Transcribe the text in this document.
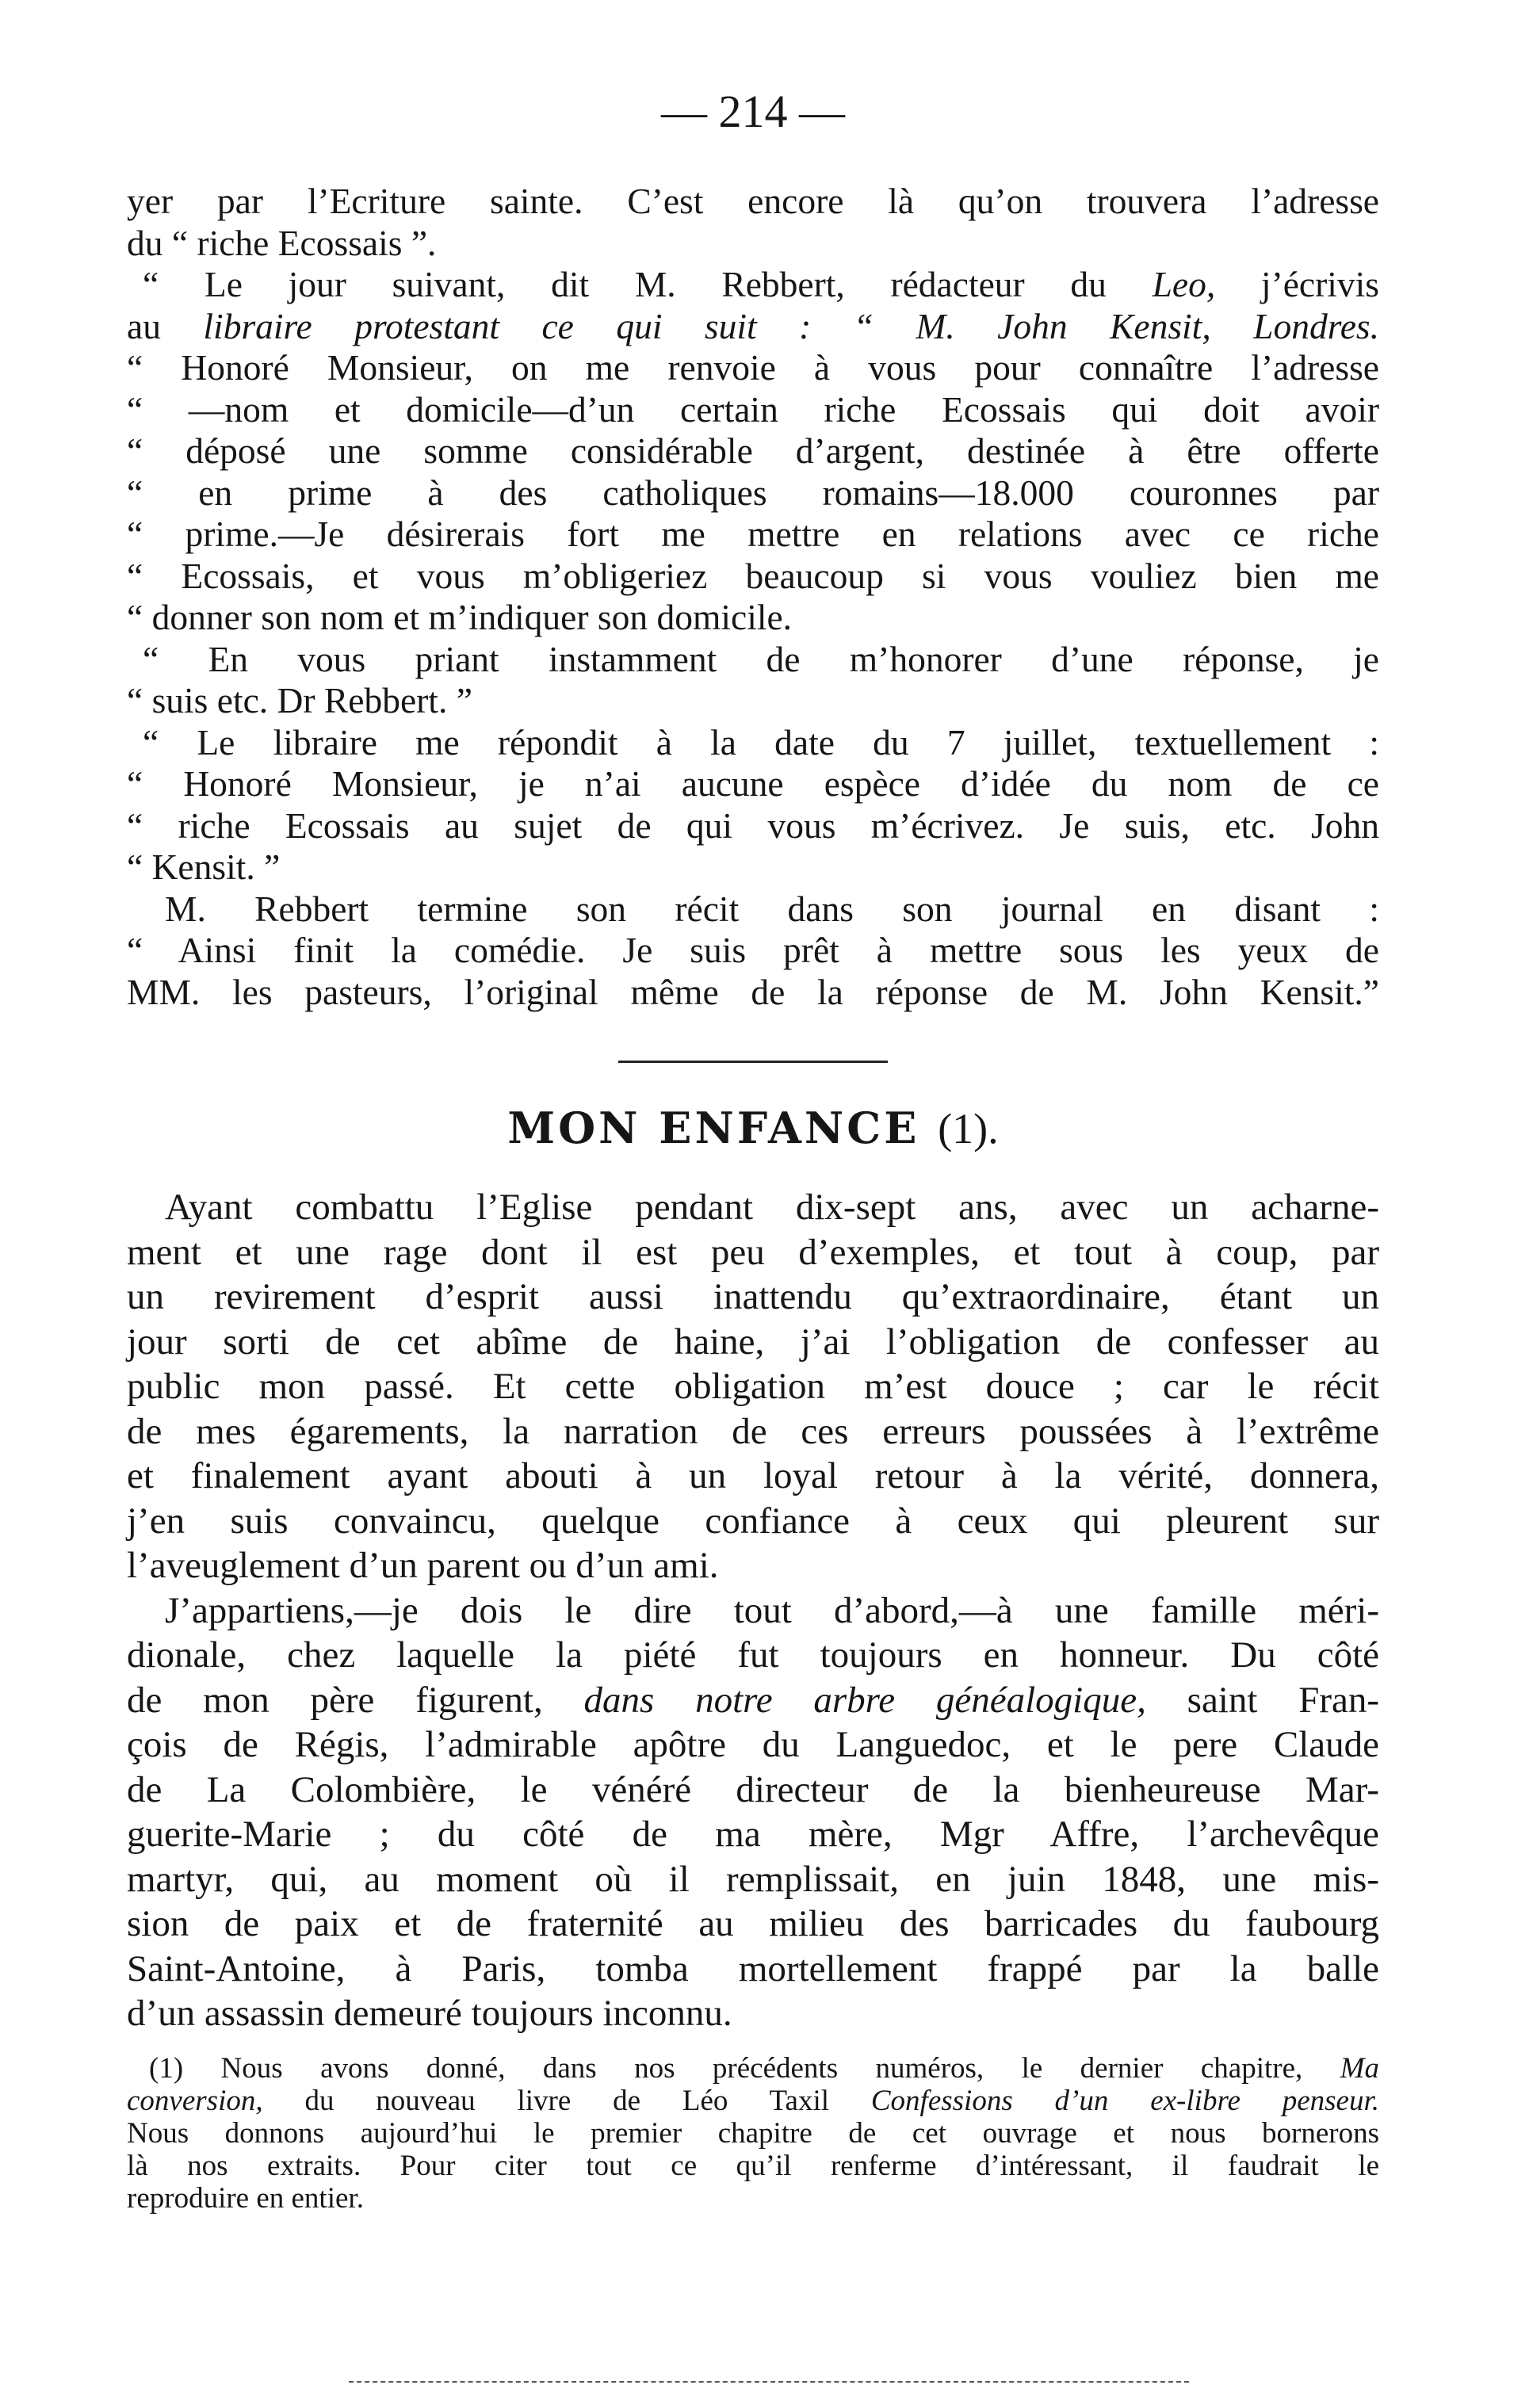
— 214 —
yer par l’Ecriture sainte. C’est encore là qu’on trouvera l’adresse
du “ riche Ecossais ”.
“ Le jour suivant, dit M. Rebbert, rédacteur du Leo, j’écrivis
au libraire protestant ce qui suit : “ M. John Kensit, Londres.
“ Honoré Monsieur, on me renvoie à vous pour connaître l’adresse
“ —nom et domicile—d’un certain riche Ecossais qui doit avoir
“ déposé une somme considérable d’argent, destinée à être offerte
“ en prime à des catholiques romains—18.000 couronnes par
“ prime.—Je désirerais fort me mettre en relations avec ce riche
“ Ecossais, et vous m’obligeriez beaucoup si vous vouliez bien me
“ donner son nom et m’indiquer son domicile.
“ En vous priant instamment de m’honorer d’une réponse, je
“ suis etc. Dr Rebbert. ”
“ Le libraire me répondit à la date du 7 juillet, textuellement :
“ Honoré Monsieur, je n’ai aucune espèce d’idée du nom de ce
“ riche Ecossais au sujet de qui vous m’écrivez. Je suis, etc. John
“ Kensit. ”
M. Rebbert termine son récit dans son journal en disant :
“ Ainsi finit la comédie. Je suis prêt à mettre sous les yeux de
MM. les pasteurs, l’original même de la réponse de M. John Kensit.”
MON ENFANCE (1).
Ayant combattu l’Eglise pendant dix-sept ans, avec un acharne-
ment et une rage dont il est peu d’exemples, et tout à coup, par
un revirement d’esprit aussi inattendu qu’extraordinaire, étant un
jour sorti de cet abîme de haine, j’ai l’obligation de confesser au
public mon passé. Et cette obligation m’est douce ; car le récit
de mes égarements, la narration de ces erreurs poussées à l’extrême
et finalement ayant abouti à un loyal retour à la vérité, donnera,
j’en suis convaincu, quelque confiance à ceux qui pleurent sur
l’aveuglement d’un parent ou d’un ami.
J’appartiens,—je dois le dire tout d’abord,—à une famille méri-
dionale, chez laquelle la piété fut toujours en honneur. Du côté
de mon père figurent, dans notre arbre généalogique, saint Fran-
çois de Régis, l’admirable apôtre du Languedoc, et le pere Claude
de La Colombière, le vénéré directeur de la bienheureuse Mar-
guerite-Marie ; du côté de ma mère, Mgr Affre, l’archevêque
martyr, qui, au moment où il remplissait, en juin 1848, une mis-
sion de paix et de fraternité au milieu des barricades du faubourg
Saint-Antoine, à Paris, tomba mortellement frappé par la balle
d’un assassin demeuré toujours inconnu.
(1) Nous avons donné, dans nos précédents numéros, le dernier chapitre, Ma
conversion, du nouveau livre de Léo Taxil Confessions d’un ex-libre penseur.
Nous donnons aujourd’hui le premier chapitre de cet ouvrage et nous bornerons
là nos extraits. Pour citer tout ce qu’il renferme d’intéressant, il faudrait le
reproduire en entier.
